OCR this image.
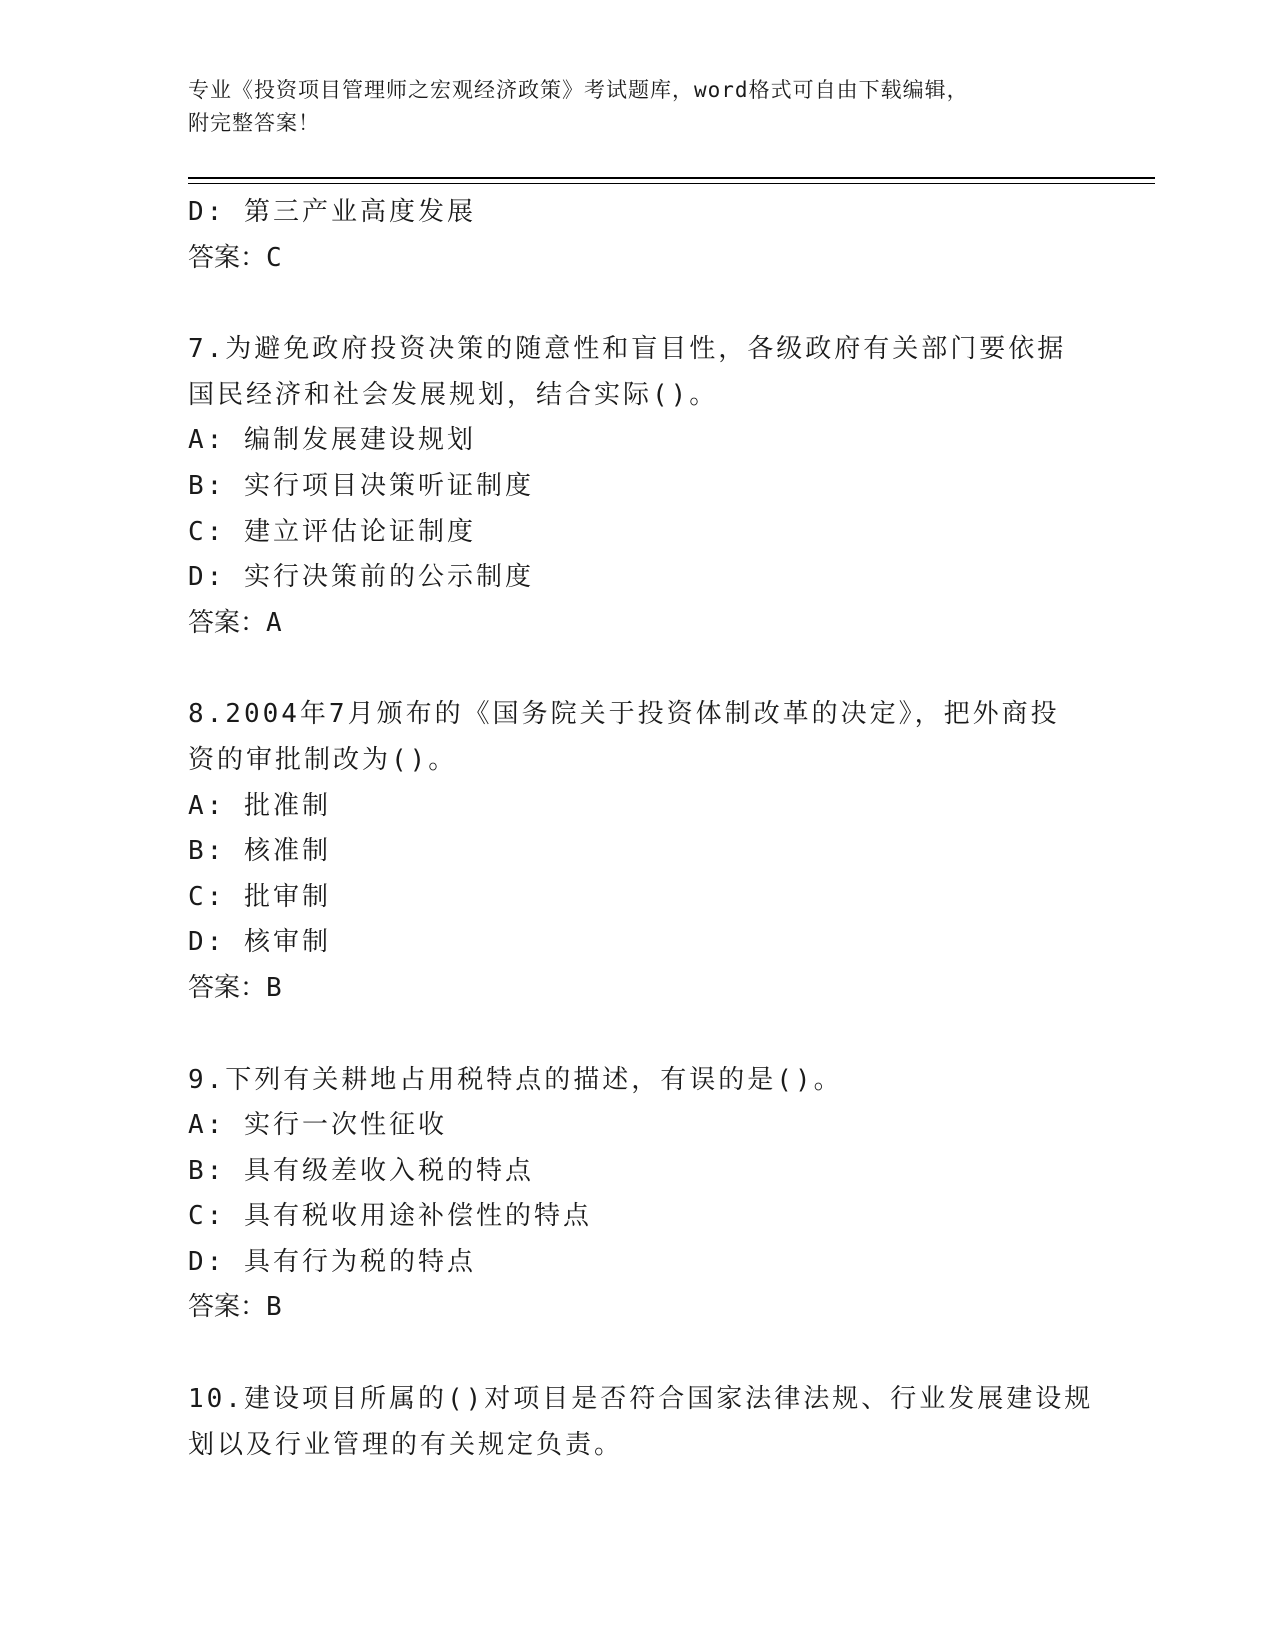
专业《投资项目管理师之宏观经济政策》考试题库，word格式可自由下载编辑，
附完整答案！
D: 第三产业高度发展
答案：C
7.为避免政府投资决策的随意性和盲目性，各级政府有关部门要依据
国民经济和社会发展规划，结合实际()。
A: 编制发展建设规划
B: 实行项目决策听证制度
C: 建立评估论证制度
D: 实行决策前的公示制度
答案：A
8.2004年7月颁布的《国务院关于投资体制改革的决定》，把外商投
资的审批制改为()。
A: 批准制
B: 核准制
C: 批审制
D: 核审制
答案：B
9.下列有关耕地占用税特点的描述，有误的是()。
A: 实行一次性征收
B: 具有级差收入税的特点
C: 具有税收用途补偿性的特点
D: 具有行为税的特点
答案：B
10.建设项目所属的()对项目是否符合国家法律法规、行业发展建设规
划以及行业管理的有关规定负责。
